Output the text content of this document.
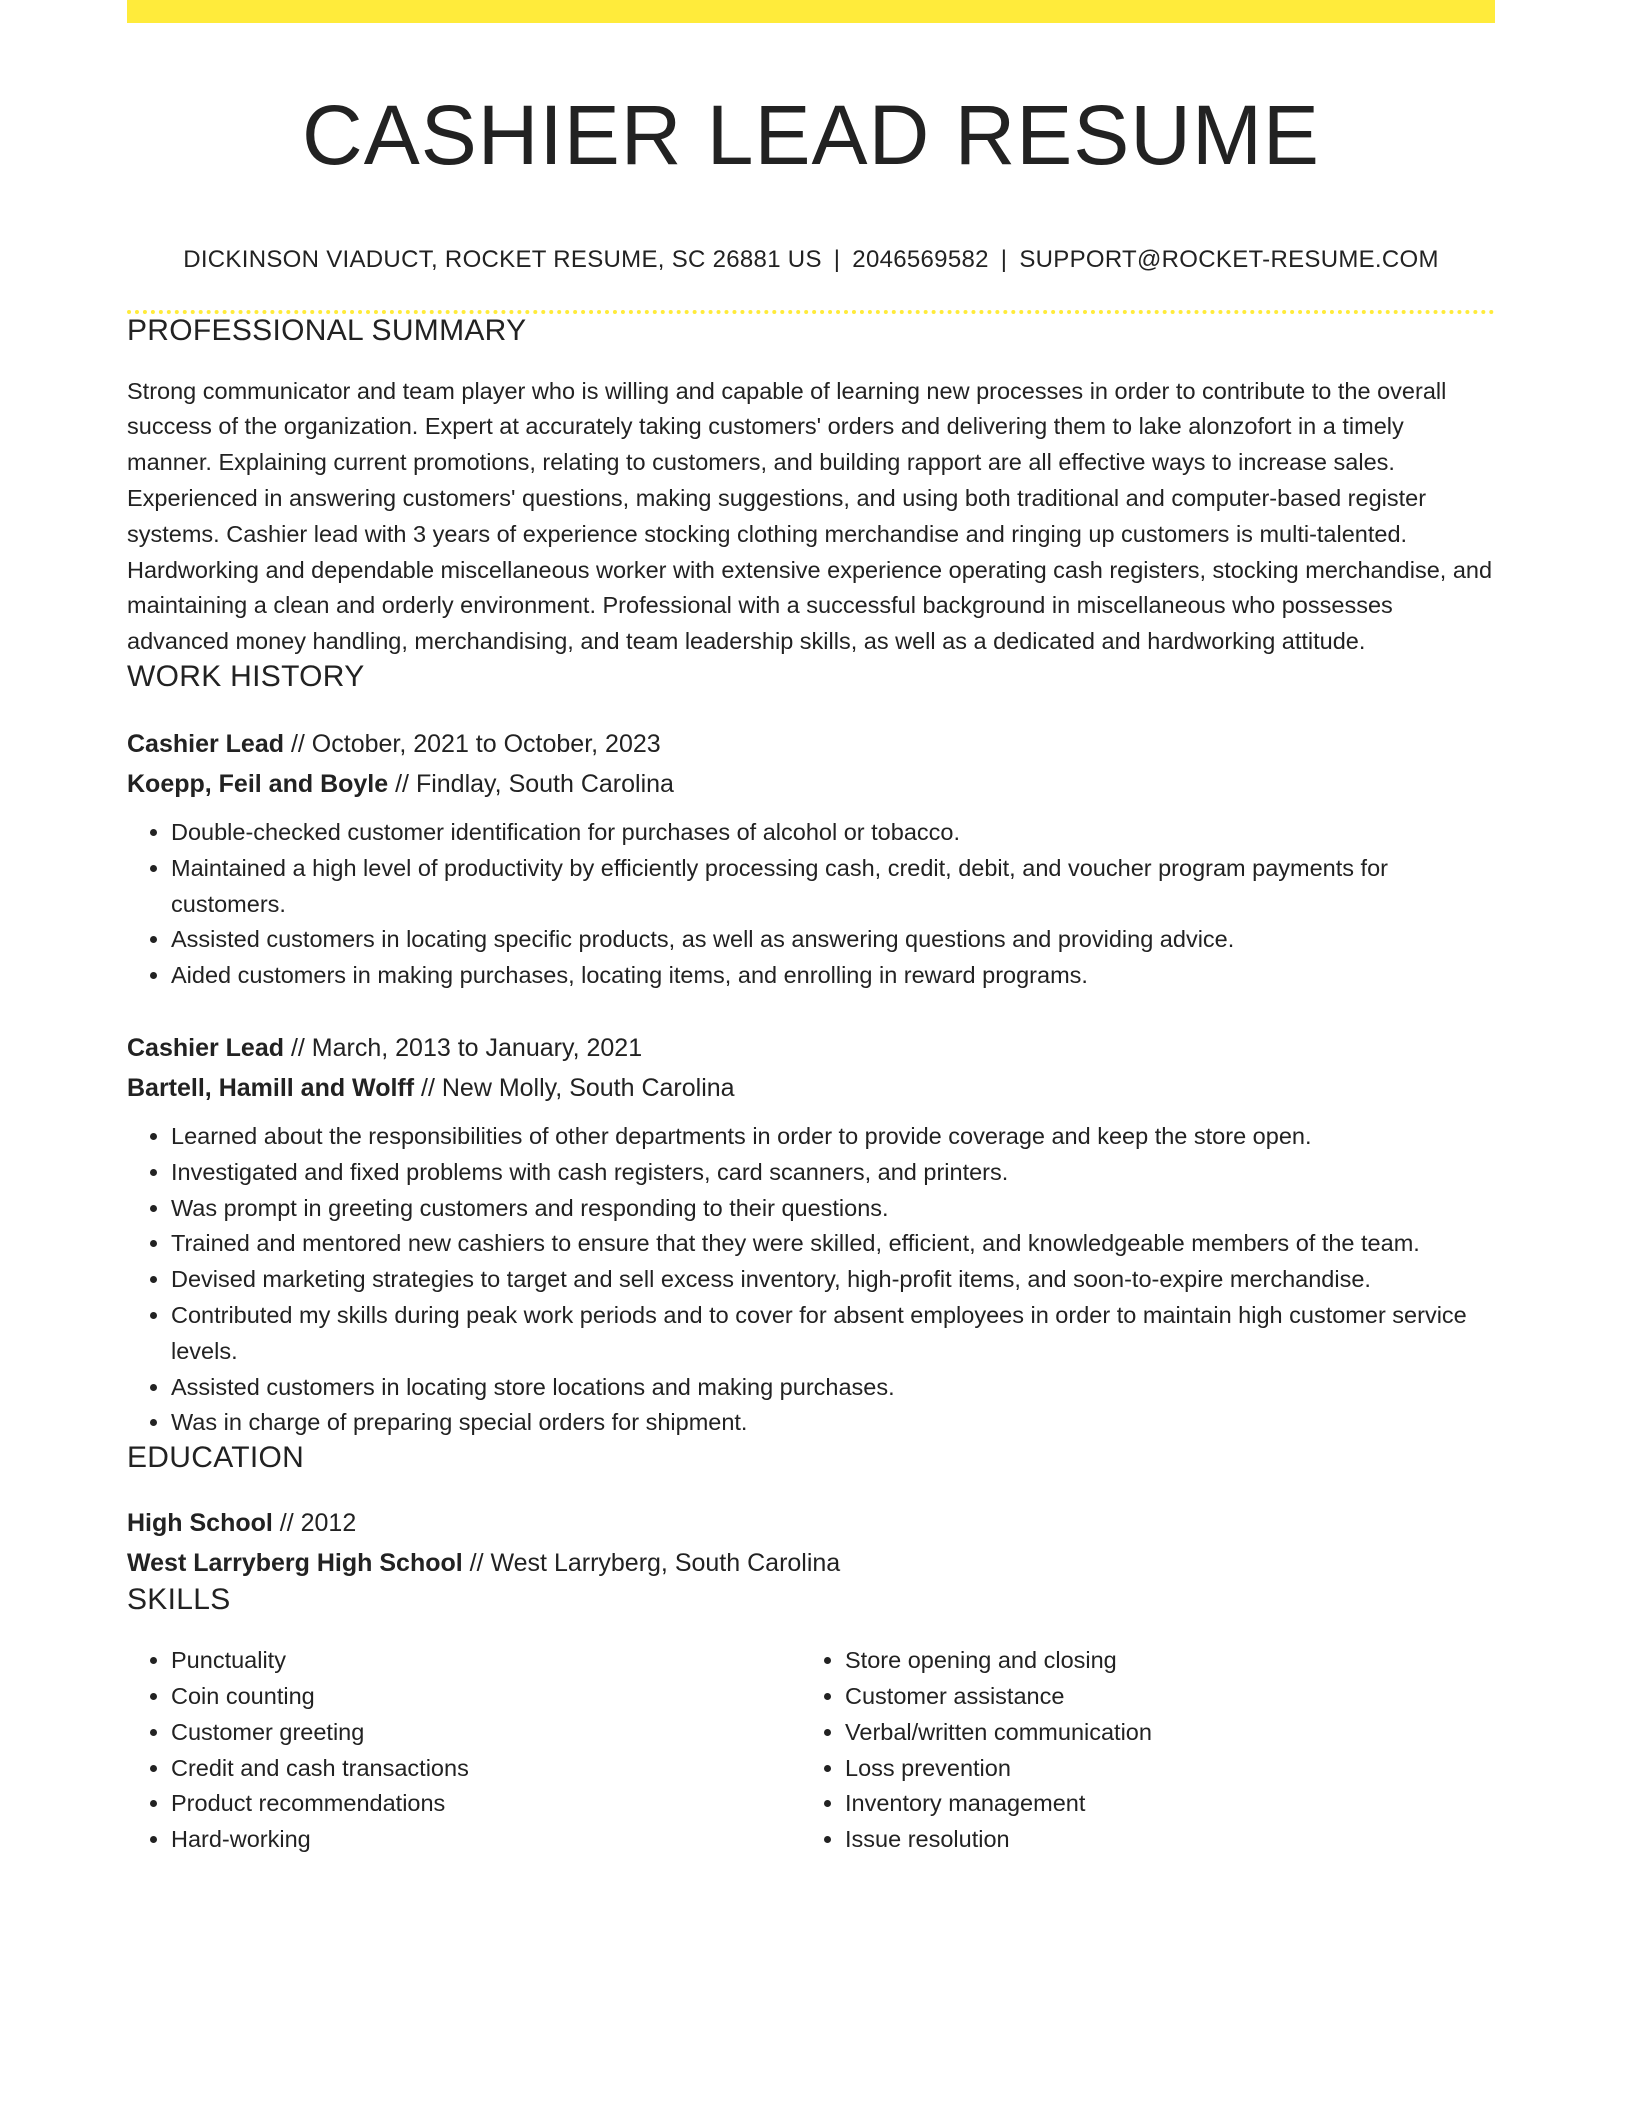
CASHIER LEAD RESUME
DICKINSON VIADUCT, ROCKET RESUME, SC 26881 US | 2046569582 | SUPPORT@ROCKET-RESUME.COM
PROFESSIONAL SUMMARY
Strong communicator and team player who is willing and capable of learning new processes in order to contribute to the overall success of the organization. Expert at accurately taking customers' orders and delivering them to lake alonzofort in a timely manner. Explaining current promotions, relating to customers, and building rapport are all effective ways to increase sales. Experienced in answering customers' questions, making suggestions, and using both traditional and computer-based register systems. Cashier lead with 3 years of experience stocking clothing merchandise and ringing up customers is multi-talented. Hardworking and dependable miscellaneous worker with extensive experience operating cash registers, stocking merchandise, and maintaining a clean and orderly environment. Professional with a successful background in miscellaneous who possesses advanced money handling, merchandising, and team leadership skills, as well as a dedicated and hardworking attitude.
WORK HISTORY
Cashier Lead // October, 2021 to October, 2023
Koepp, Feil and Boyle // Findlay, South Carolina
• Double-checked customer identification for purchases of alcohol or tobacco.
• Maintained a high level of productivity by efficiently processing cash, credit, debit, and voucher program payments for customers.
• Assisted customers in locating specific products, as well as answering questions and providing advice.
• Aided customers in making purchases, locating items, and enrolling in reward programs.
Cashier Lead // March, 2013 to January, 2021
Bartell, Hamill and Wolff // New Molly, South Carolina
• Learned about the responsibilities of other departments in order to provide coverage and keep the store open.
• Investigated and fixed problems with cash registers, card scanners, and printers.
• Was prompt in greeting customers and responding to their questions.
• Trained and mentored new cashiers to ensure that they were skilled, efficient, and knowledgeable members of the team.
• Devised marketing strategies to target and sell excess inventory, high-profit items, and soon-to-expire merchandise.
• Contributed my skills during peak work periods and to cover for absent employees in order to maintain high customer service levels.
• Assisted customers in locating store locations and making purchases.
• Was in charge of preparing special orders for shipment.
EDUCATION
High School // 2012
West Larryberg High School // West Larryberg, South Carolina
SKILLS
• Punctuality
• Coin counting
• Customer greeting
• Credit and cash transactions
• Product recommendations
• Hard-working
• Store opening and closing
• Customer assistance
• Verbal/written communication
• Loss prevention
• Inventory management
• Issue resolution
